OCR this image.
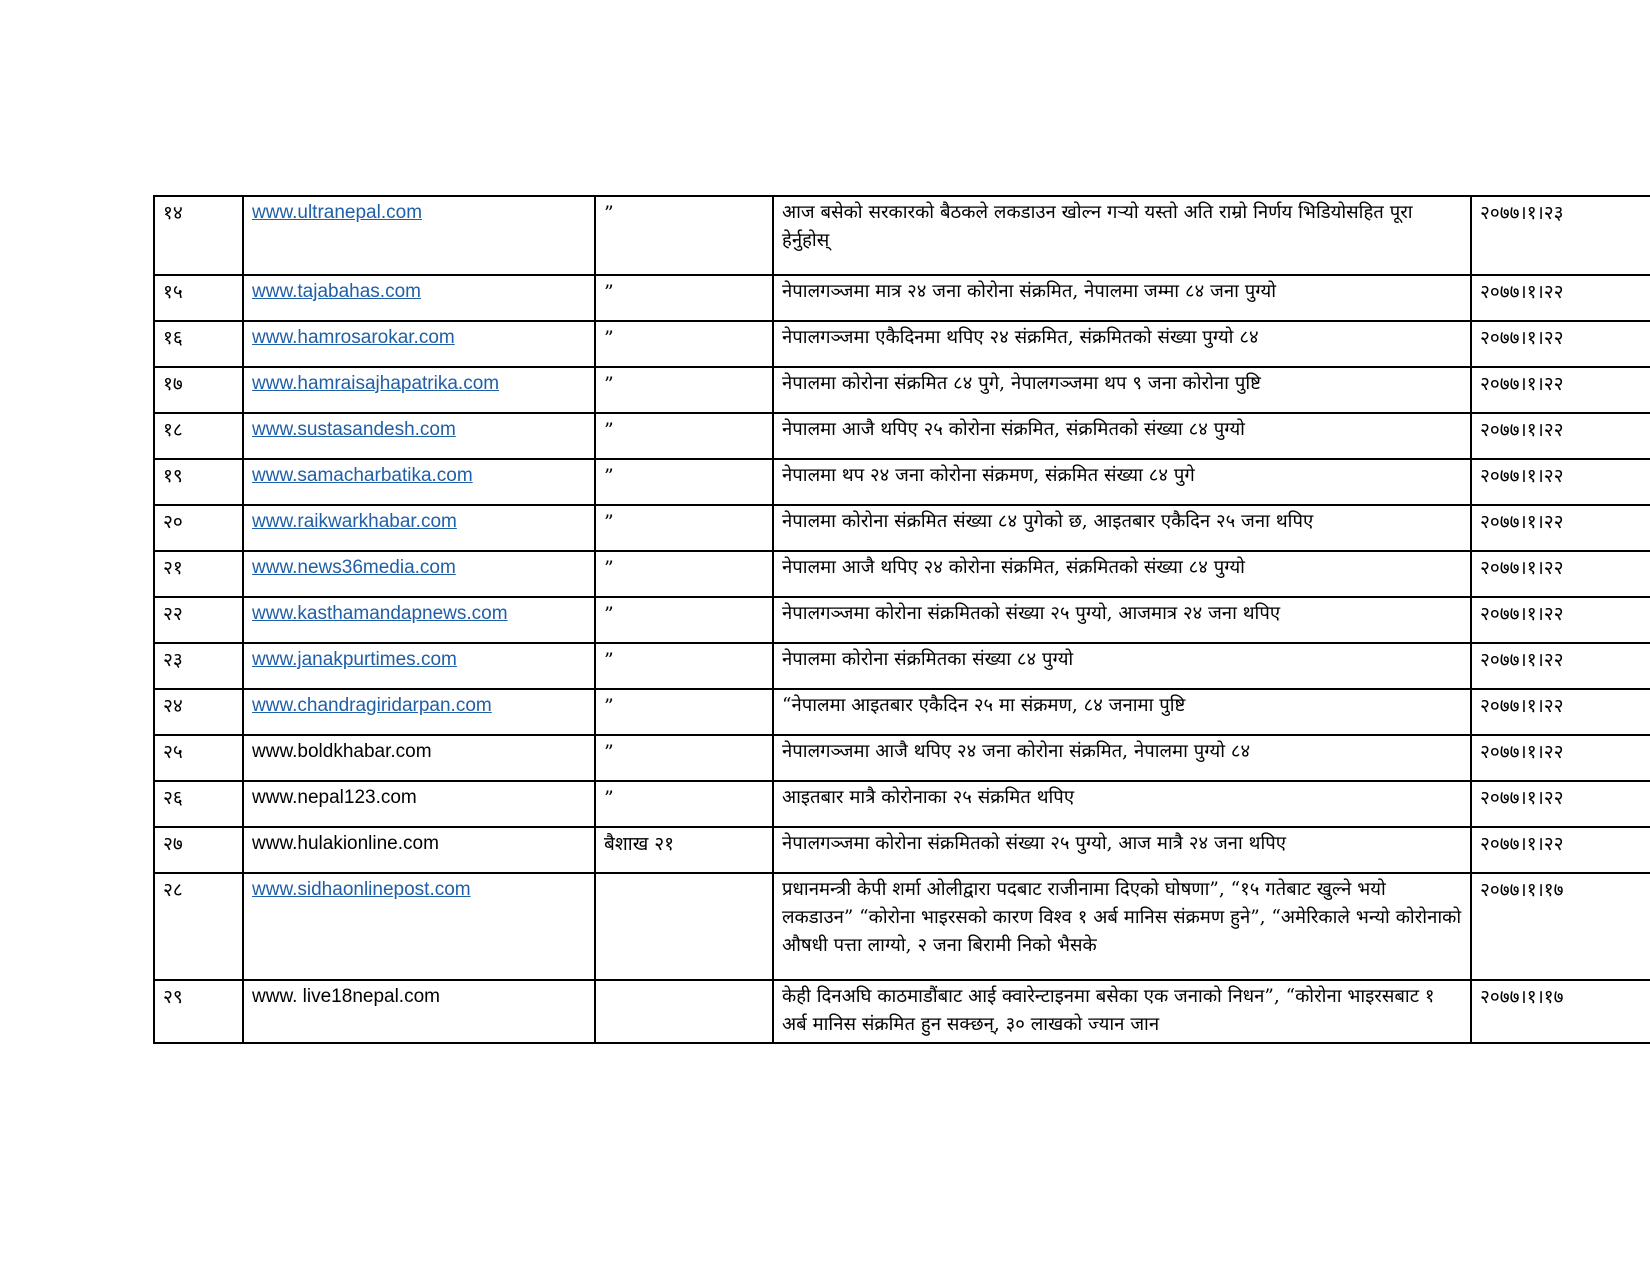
१४	www.ultranepal.com	”	आज बसेको सरकारको बैठकले लकडाउन खोल्न गऱ्यो यस्तो अति राम्रो निर्णय भिडियोसहित पूरा हेर्नुहोस्	२०७७।१।२३
१५	www.tajabahas.com	”	नेपालगञ्जमा मात्र २४ जना कोरोना संक्रमित, नेपालमा जम्मा ८४ जना पुग्यो	२०७७।१।२२
१६	www.hamrosarokar.com	”	नेपालगञ्जमा एकैदिनमा थपिए २४ संक्रमित, संक्रमितको संख्या पुग्यो ८४	२०७७।१।२२
१७	www.hamraisajhapatrika.com	”	नेपालमा कोरोना संक्रमित ८४ पुगे, नेपालगञ्जमा थप ९ जना कोरोना पुष्टि	२०७७।१।२२
१८	www.sustasandesh.com	”	नेपालमा आजै थपिए २५ कोरोना संक्रमित, संक्रमितको संख्या ८४ पुग्यो	२०७७।१।२२
१९	www.samacharbatika.com	”	नेपालमा थप २४ जना कोरोना संक्रमण, संक्रमित संख्या ८४ पुगे	२०७७।१।२२
२०	www.raikwarkhabar.com	”	नेपालमा कोरोना संक्रमित संख्या ८४ पुगेको छ, आइतबार एकैदिन २५ जना थपिए	२०७७।१।२२
२१	www.news36media.com	”	नेपालमा आजै थपिए २४ कोरोना संक्रमित, संक्रमितको संख्या ८४ पुग्यो	२०७७।१।२२
२२	www.kasthamandapnews.com	”	नेपालगञ्जमा कोरोना संक्रमितको संख्या २५ पुग्यो, आजमात्र २४ जना थपिए	२०७७।१।२२
२३	www.janakpurtimes.com	”	नेपालमा कोरोना संक्रमितका संख्या ८४ पुग्यो	२०७७।१।२२
२४	www.chandragiridarpan.com	”	“नेपालमा आइतबार एकैदिन २५ मा संक्रमण, ८४ जनामा पुष्टि	२०७७।१।२२
२५	www.boldkhabar.com	”	नेपालगञ्जमा आजै थपिए २४ जना कोरोना संक्रमित, नेपालमा पुग्यो ८४	२०७७।१।२२
२६	www.nepal123.com	”	आइतबार मात्रै कोरोनाका २५ संक्रमित थपिए	२०७७।१।२२
२७	www.hulakionline.com	बैशाख २१	नेपालगञ्जमा कोरोना संक्रमितको संख्या २५ पुग्यो, आज मात्रै २४ जना थपिए	२०७७।१।२२
२८	www.sidhaonlinepost.com		प्रधानमन्त्री केपी शर्मा ओलीद्वारा पदबाट राजीनामा दिएको घोषणा”, “१५ गतेबाट खुल्ने भयो लकडाउन” “कोरोना भाइरसको कारण विश्व १ अर्ब मानिस संक्रमण हुने”, “अमेरिकाले भन्यो कोरोनाको औषधी पत्ता लाग्यो, २ जना बिरामी निको भैसके	२०७७।१।१७
२९	www. live18nepal.com		केही दिनअघि काठमाडौंबाट आई क्वारेन्टाइनमा बसेका एक जनाको निधन”, “कोरोना भाइरसबाट १ अर्ब मानिस संक्रमित हुन सक्छन्, ३० लाखको ज्यान जान	२०७७।१।१७
